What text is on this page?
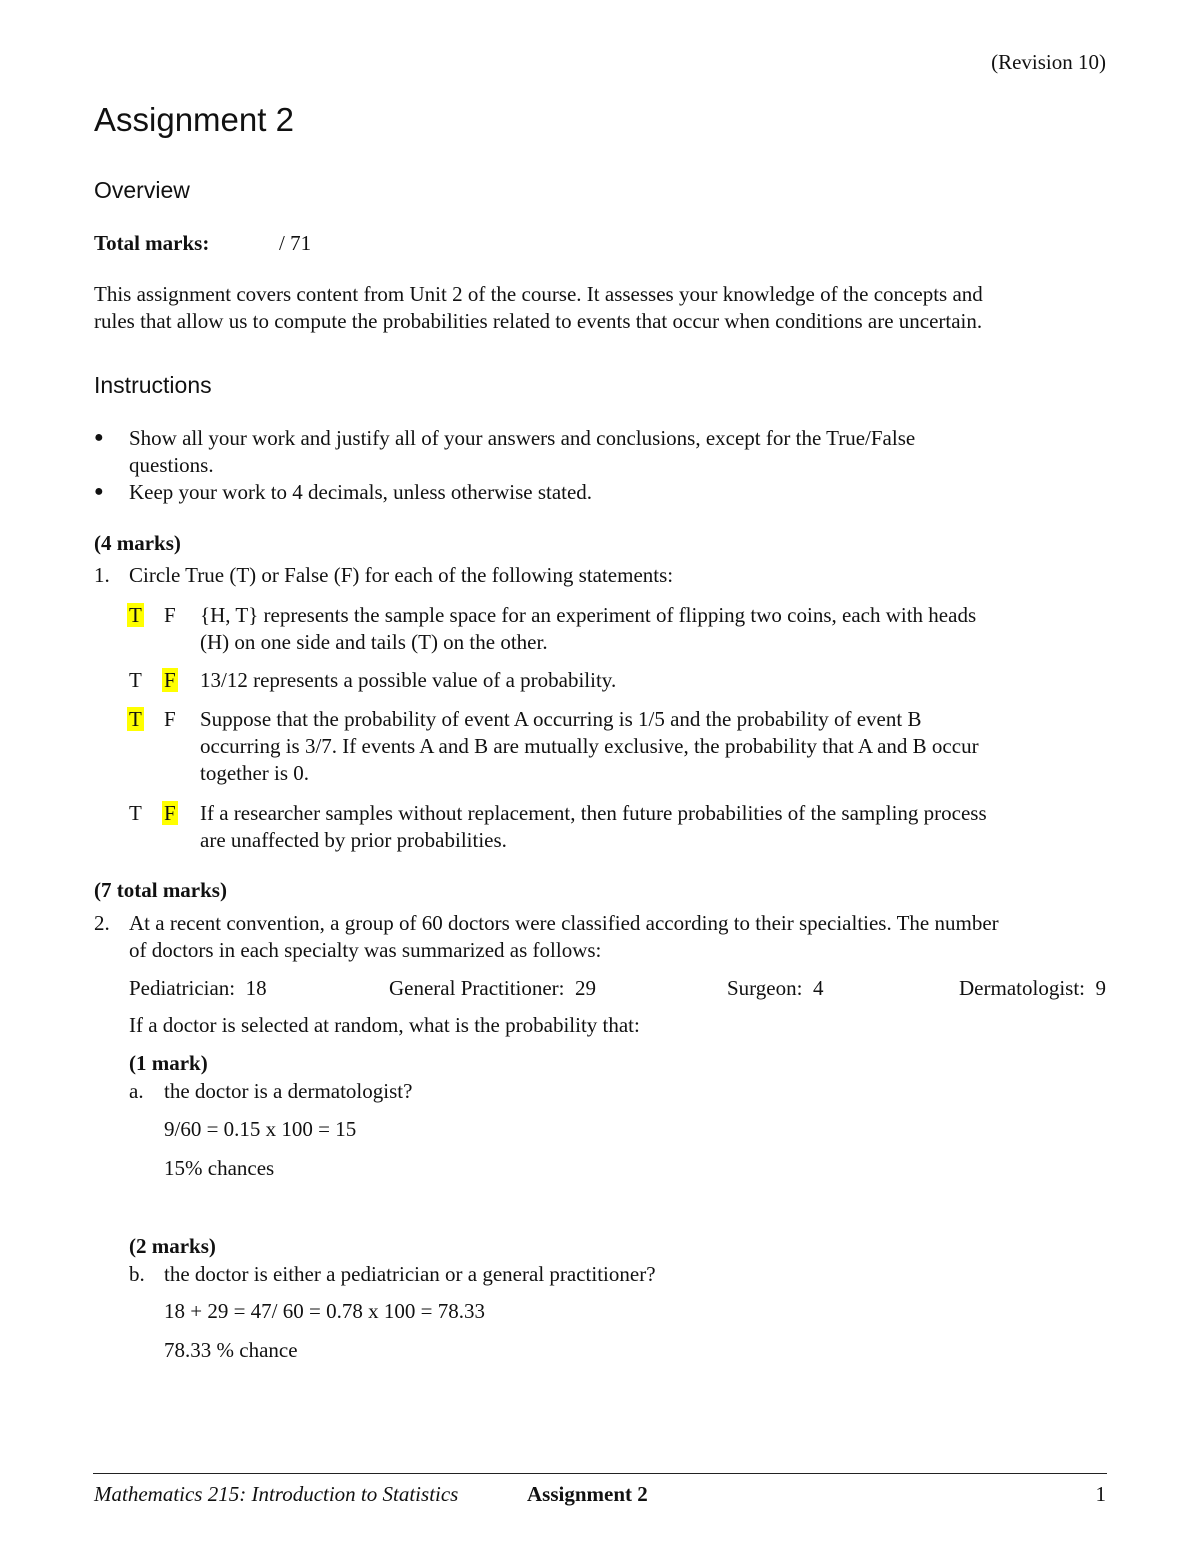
(Revision 10)
Assignment 2
Overview
Total marks:	/ 71
This assignment covers content from Unit 2 of the course. It assesses your knowledge of the concepts and
rules that allow us to compute the probabilities related to events that occur when conditions are uncertain.
Instructions
● Show all your work and justify all of your answers and conclusions, except for the True/False
questions.
● Keep your work to 4 decimals, unless otherwise stated.
(4 marks)
1. Circle True (T) or False (F) for each of the following statements:
T F {H, T} represents the sample space for an experiment of flipping two coins, each with heads
(H) on one side and tails (T) on the other.
T F 13/12 represents a possible value of a probability.
T F Suppose that the probability of event A occurring is 1/5 and the probability of event B
occurring is 3/7. If events A and B are mutually exclusive, the probability that A and B occur
together is 0.
T F If a researcher samples without replacement, then future probabilities of the sampling process
are unaffected by prior probabilities.
(7 total marks)
2. At a recent convention, a group of 60 doctors were classified according to their specialties. The number
of doctors in each specialty was summarized as follows:
Pediatrician: 18	General Practitioner: 29	Surgeon: 4	Dermatologist: 9
If a doctor is selected at random, what is the probability that:
(1 mark)
a. the doctor is a dermatologist?
9/60 = 0.15 x 100 = 15
15% chances
(2 marks)
b. the doctor is either a pediatrician or a general practitioner?
18 + 29 = 47/ 60 = 0.78 x 100 = 78.33
78.33 % chance
Mathematics 215: Introduction to Statistics	Assignment 2	1
